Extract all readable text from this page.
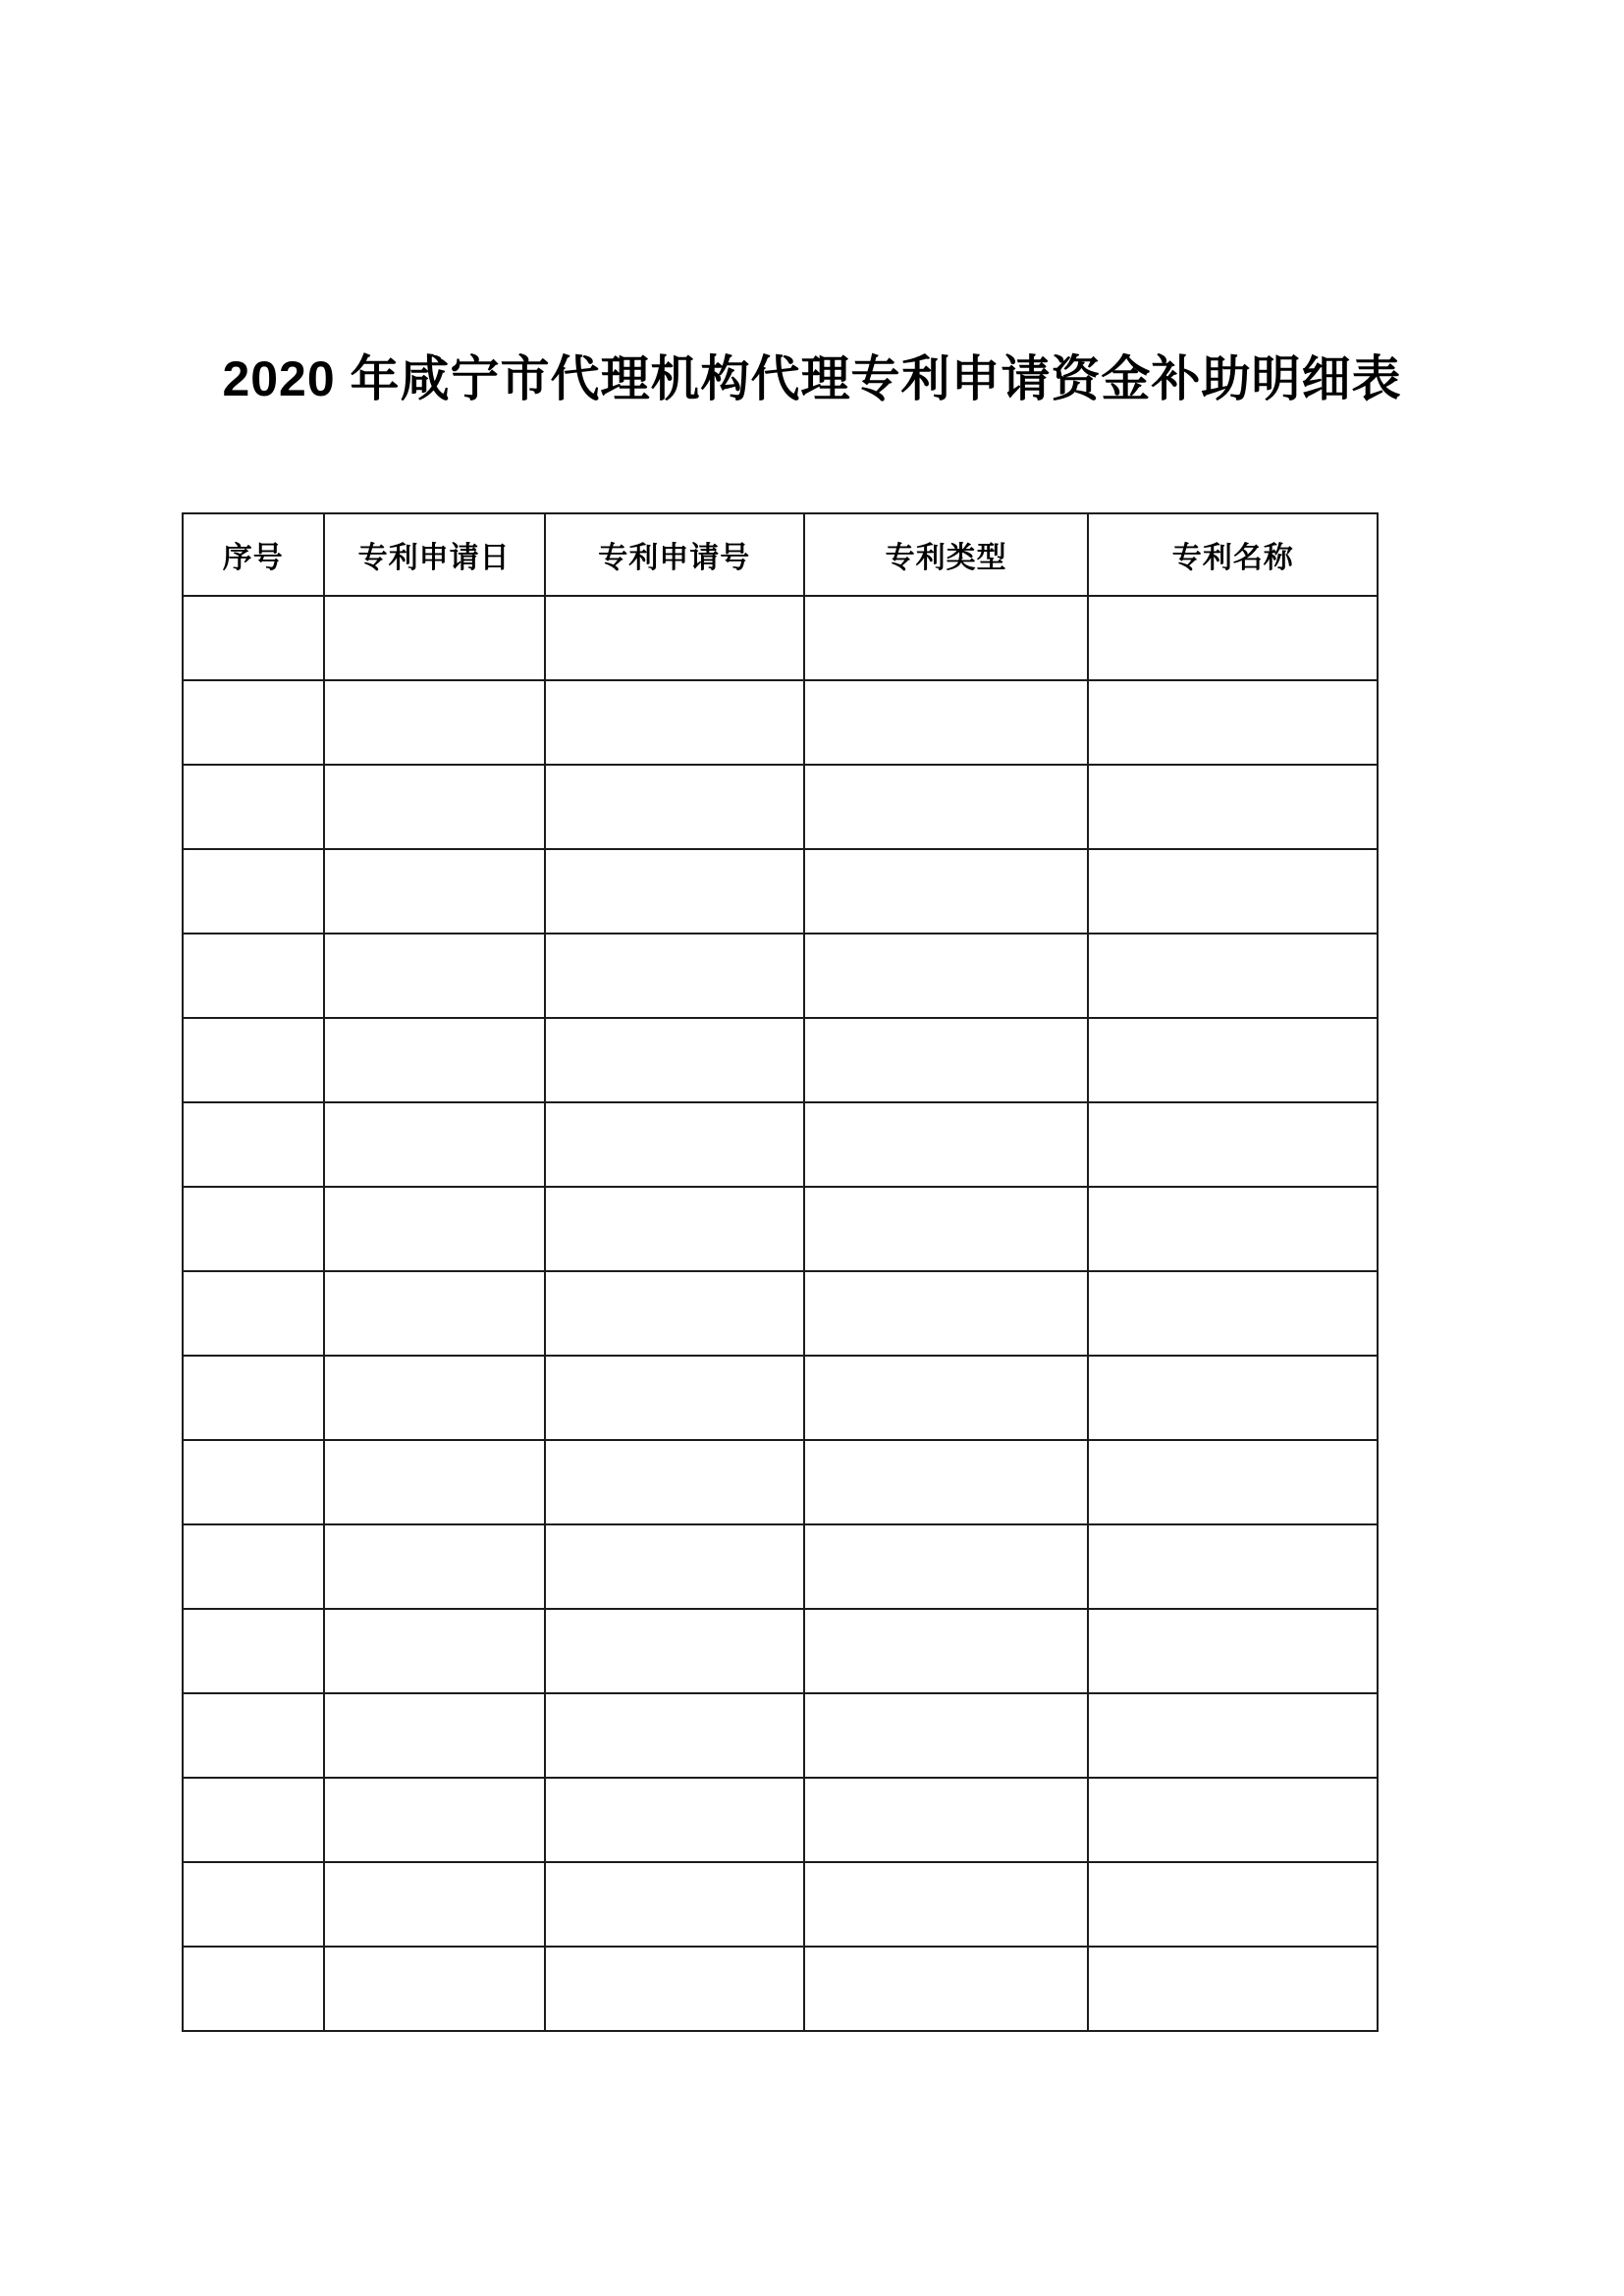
2020 年咸宁市代理机构代理专利申请资金补助明细表
序号	专利申请日	专利申请号	专利类型	专利名称
